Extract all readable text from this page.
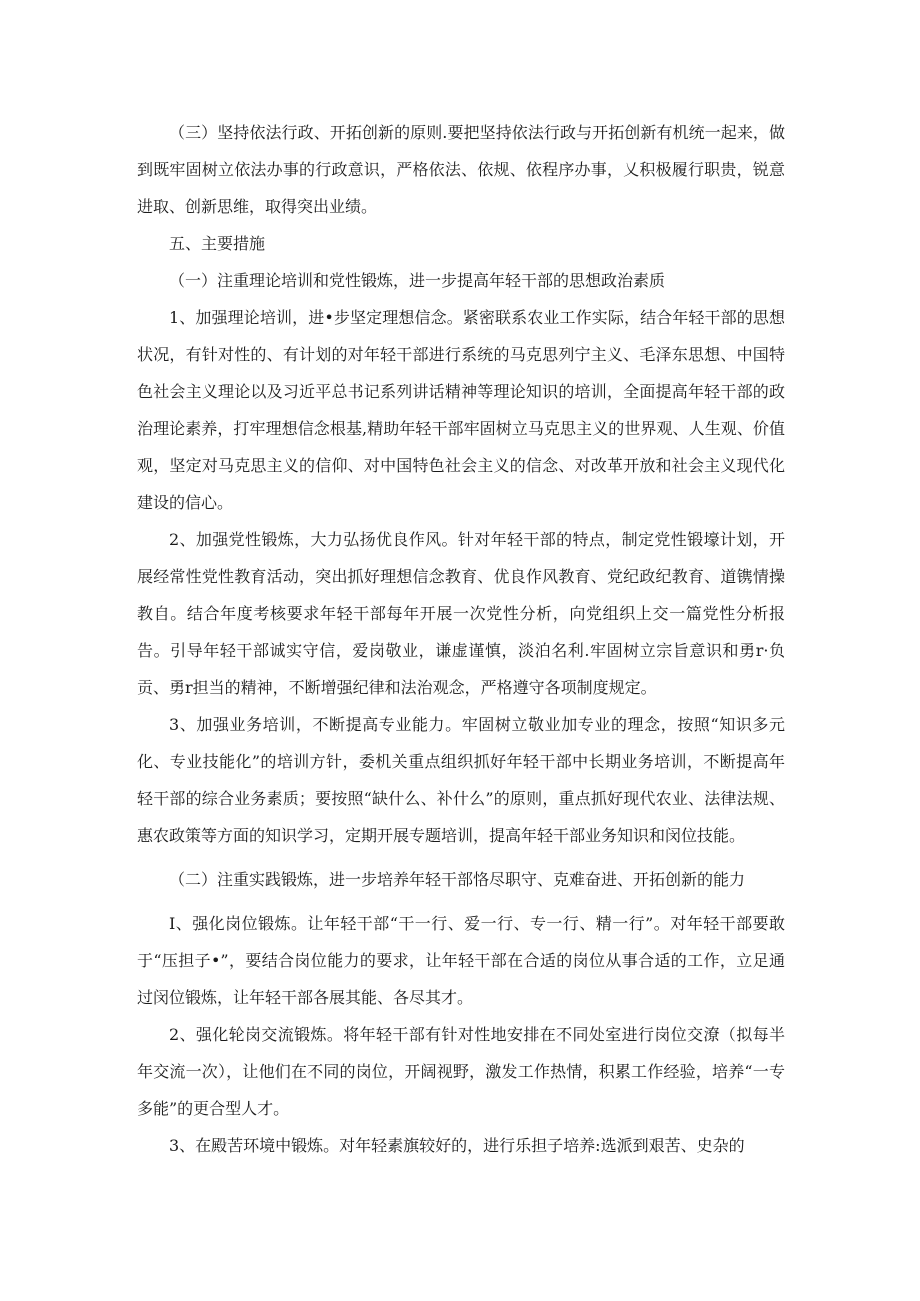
（三）坚持依法行政、开拓创新的原则.要把坚持依法行政与开拓创新有机统一起来，做到既牢固树立依法办事的行政意识，严格依法、依规、依程序办事，乂积极履行职贵，锐意进取、创新思维，取得突出业绩。

五、主要措施

（一）注重理论培训和党性锻炼，进一步提高年轻干部的思想政治素质

1、加强理论培训，进•步坚定理想信念。紧密联系农业工作实际，结合年轻干部的思想状况，有针对性的、有计划的对年轻干部进行系统的马克思列宁主义、毛泽东思想、中国特色社会主义理论以及习近平总书记系列讲话精神等理论知识的培训，全面提高年轻干部的政治理论素养，打牢理想信念根基,精助年轻干部牢固树立马克思主义的世界观、人生观、价值观，坚定对马克思主义的信仰、对中国特色社会主义的信念、对改革开放和社会主义现代化建设的信心。

2、加强党性锻炼，大力弘扬优良作风。针对年轻干部的特点，制定党性锻壕计划，开展经常性党性教育活动，突出抓好理想信念教育、优良作风教育、党纪政纪教育、道镌情操教自。结合年度考核要求年轻干部每年开展一次党性分析，向党组织上交一篇党性分析报告。引导年轻干部诚实守信，爱岗敬业，谦虚谨慎，淡泊名利.牢固树立宗旨意识和勇r·负贡、勇r担当的精神，不断增强纪律和法治观念，严格遵守各项制度规定。

3、加强业务培训，不断提高专业能力。牢固树立敬业加专业的理念，按照“知识多元化、专业技能化”的培训方针，委机关重点组织抓好年轻干部中长期业务培训，不断提高年轻干部的综合业务素质；要按照“缺什么、补什么”的原则，重点抓好现代农业、法律法规、惠农政策等方面的知识学习，定期开展专题培训，提高年轻干部业务知识和闵位技能。

（二）注重实践锻炼，进一步培养年轻干部恪尽职守、克难奋进、开拓创新的能力

I、强化岗位锻炼。让年轻干部“干一行、爱一行、专一行、精一行”。对年轻干部要敢于“压担子•”，要结合岗位能力的要求，让年轻干部在合适的岗位从事合适的工作，立足通过闵位锻炼，让年轻干部各展其能、各尽其才。

2、强化轮岗交流锻炼。将年轻干部有针对性地安排在不同处室进行岗位交潦（拟每半年交流一次），让他们在不同的岗位，开阔视野，激发工作热情，积累工作经验，培养“一专多能”的更合型人才。

3、在殿苦环境中锻炼。对年轻素旗较好的，进行乐担子培养:选派到艰苦、史杂的
